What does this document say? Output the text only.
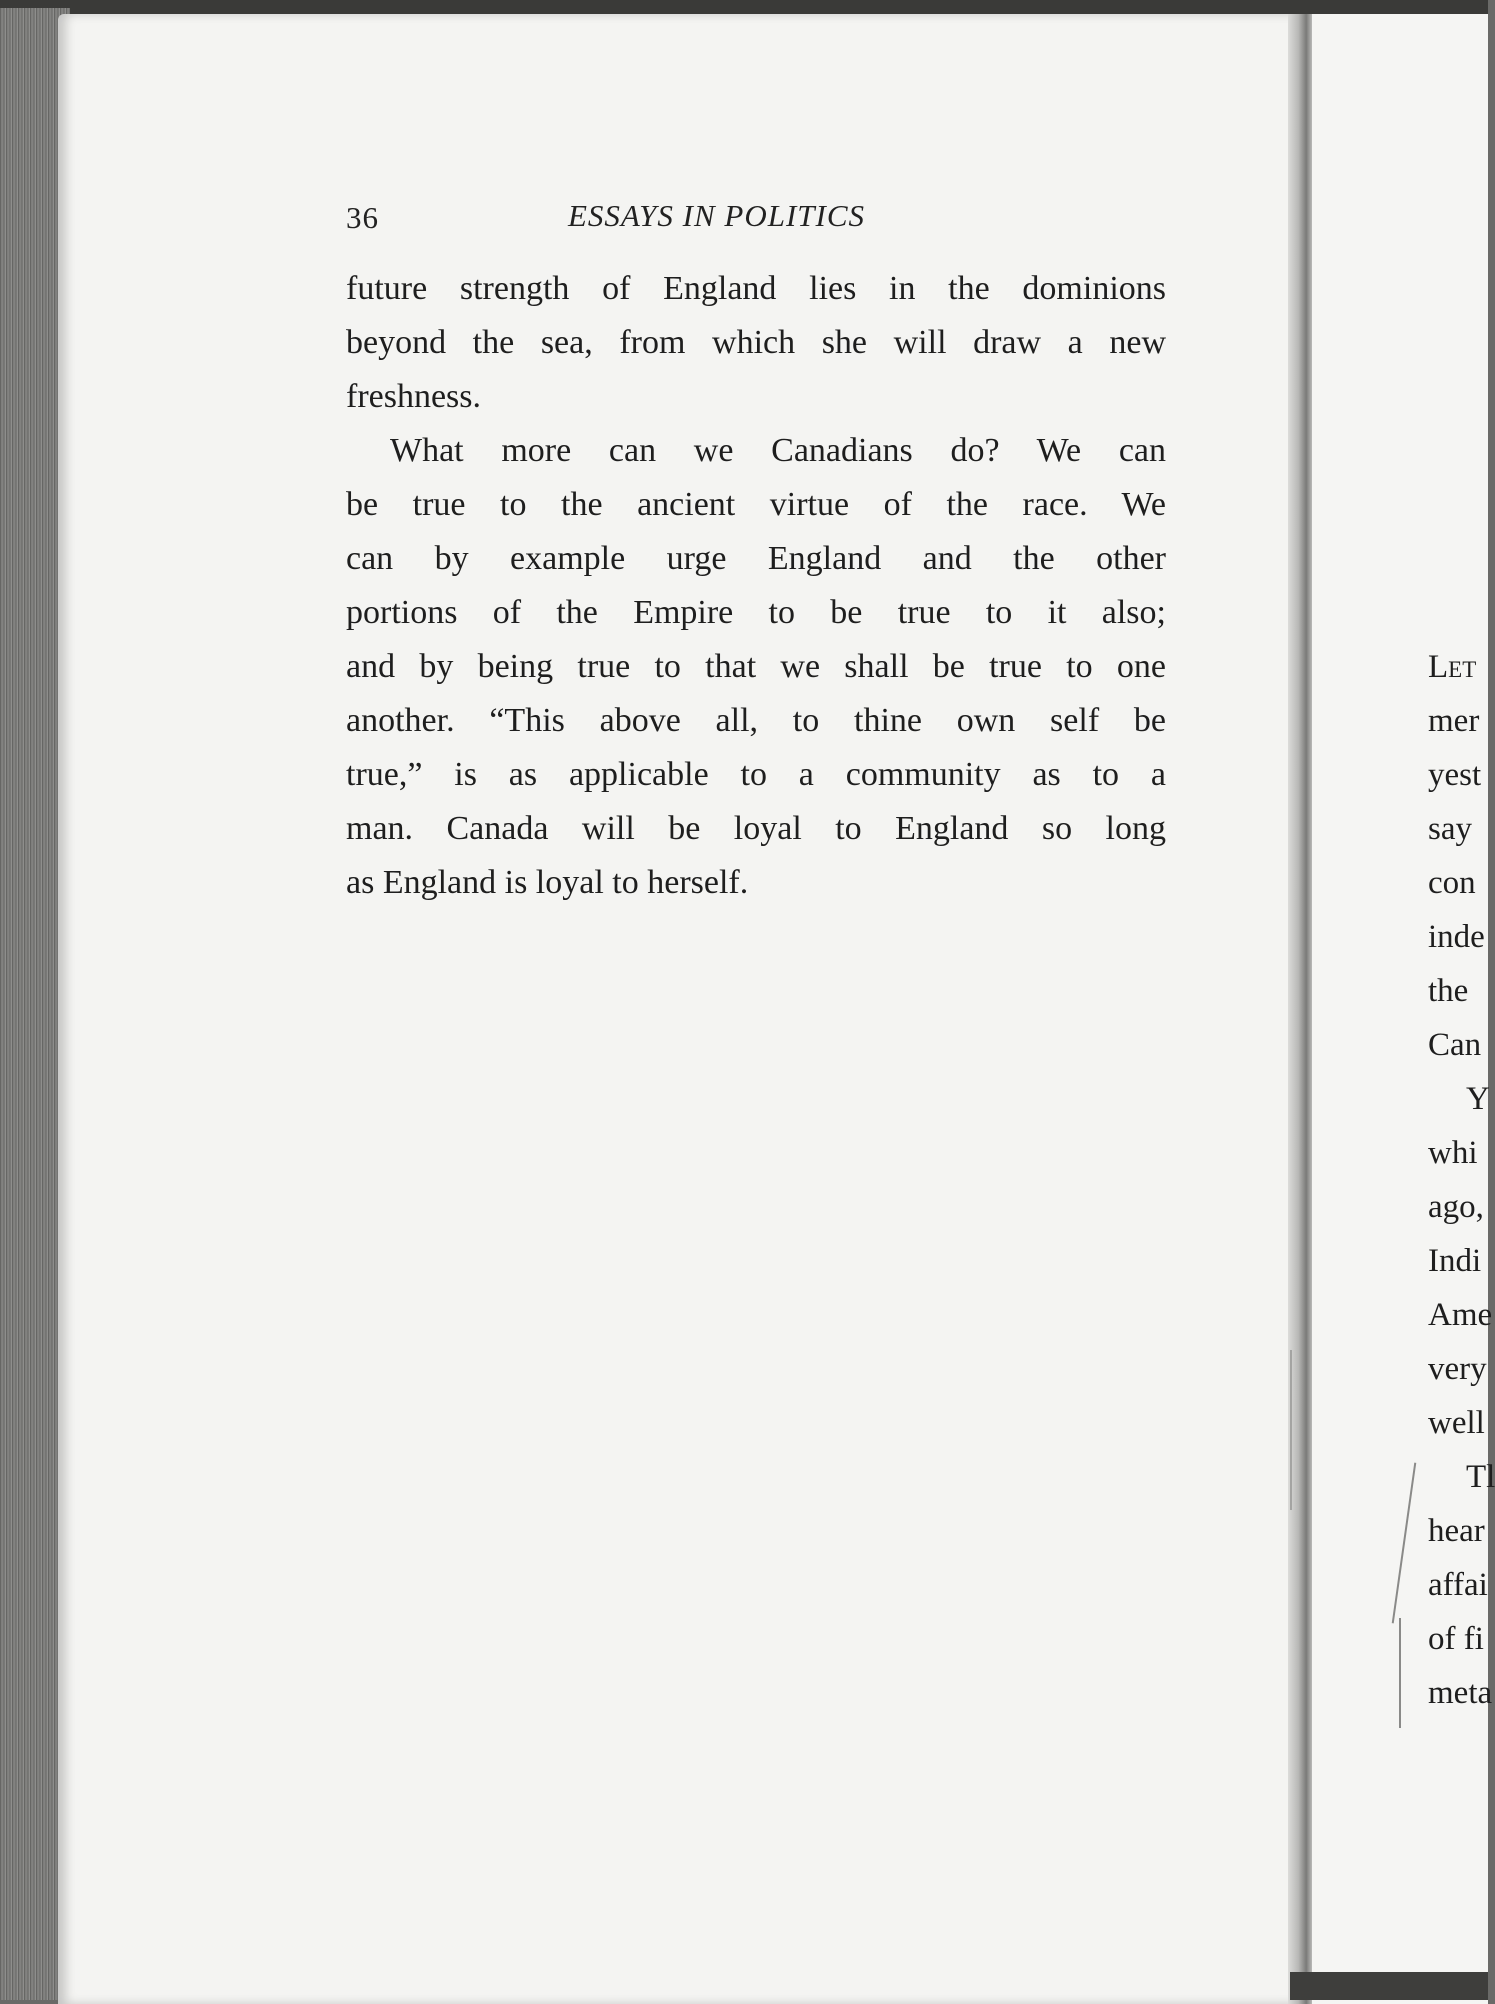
36	ESSAYS IN POLITICS
future strength of England lies in the dominions
beyond the sea, from which she will draw a new
freshness.
What more can we Canadians do? We can
be true to the ancient virtue of the race. We
can by example urge England and the other
portions of the Empire to be true to it also;
and by being true to that we shall be true to one
another. “This above all, to thine own self be
true,” is as applicable to a community as to a
man. Canada will be loyal to England so long
as England is loyal to herself.
Let
mer
yest
say
con
inde
the
Can
Y
whi
ago,
Indi
Ame
very
well
Tl
hear
affai
of fi
meta
